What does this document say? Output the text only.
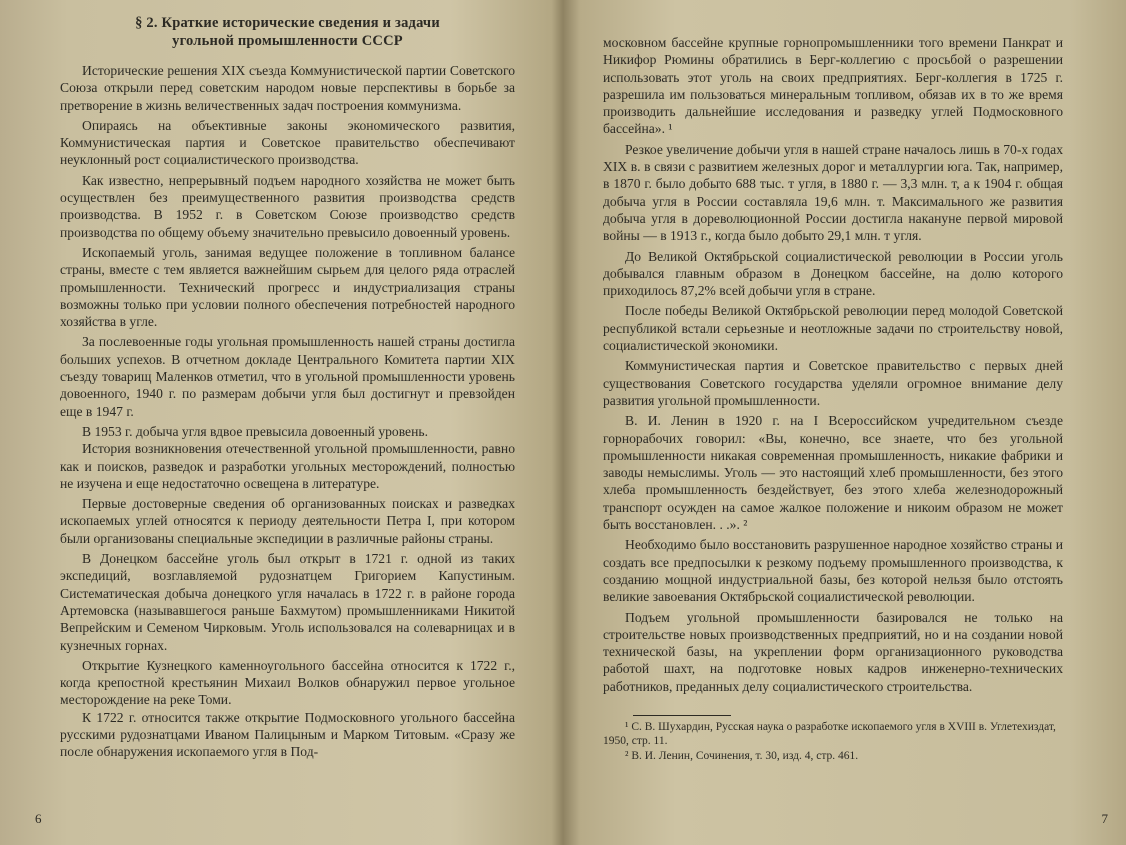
§ 2. Краткие исторические сведения и задачи
угольной промышленности СССР

Исторические решения XIX съезда Коммунистической партии Советского Союза открыли перед советским народом новые перспективы в борьбе за претворение в жизнь величественных задач построения коммунизма.

Опираясь на объективные законы экономического развития, Коммунистическая партия и Советское правительство обеспечивают неуклонный рост социалистического производства.

Как известно, непрерывный подъем народного хозяйства не может быть осуществлен без преимущественного развития производства средств производства. В 1952 г. в Советском Союзе производство средств производства по общему объему значительно превысило довоенный уровень.

Ископаемый уголь, занимая ведущее положение в топливном балансе страны, вместе с тем является важнейшим сырьем для целого ряда отраслей промышленности. Технический прогресс и индустриализация страны возможны только при условии полного обеспечения потребностей народного хозяйства в угле.

За послевоенные годы угольная промышленность нашей страны достигла больших успехов. В отчетном докладе Центрального Комитета партии XIX съезду товарищ Маленков отметил, что в угольной промышленности уровень довоенного, 1940 г. по размерам добычи угля был достигнут и превзойден еще в 1947 г.

В 1953 г. добыча угля вдвое превысила довоенный уровень.

История возникновения отечественной угольной промышленности, равно как и поисков, разведок и разработки угольных месторождений, полностью не изучена и еще недостаточно освещена в литературе.

Первые достоверные сведения об организованных поисках и разведках ископаемых углей относятся к периоду деятельности Петра I, при котором были организованы специальные экспедиции в различные районы страны.

В Донецком бассейне уголь был открыт в 1721 г. одной из таких экспедиций, возглавляемой рудознатцем Григорием Капустиным. Систематическая добыча донецкого угля началась в 1722 г. в районе города Артемовска (называвшегося раньше Бахмутом) промышленниками Никитой Вепрейским и Семеном Чирковым. Уголь использовался на солеварницах и в кузнечных горнах.

Открытие Кузнецкого каменноугольного бассейна относится к 1722 г., когда крепостной крестьянин Михаил Волков обнаружил первое угольное месторождение на реке Томи.

К 1722 г. относится также открытие Подмосковного угольного бассейна русскими рудознатцами Иваном Палицыным и Марком Титовым. «Сразу же после обнаружения ископаемого угля в Под-

6

московном бассейне крупные горнопромышленники того времени Панкрат и Никифор Рюмины обратились в Берг-коллегию с просьбой о разрешении использовать этот уголь на своих предприятиях. Берг-коллегия в 1725 г. разрешила им пользоваться минеральным топливом, обязав их в то же время производить дальнейшие исследования и разведку углей Подмосковного бассейна». ¹

Резкое увеличение добычи угля в нашей стране началось лишь в 70-х годах XIX в. в связи с развитием железных дорог и металлургии юга. Так, например, в 1870 г. было добыто 688 тыс. т угля, в 1880 г. — 3,3 млн. т, а к 1904 г. общая добыча угля в России составляла 19,6 млн. т. Максимального же развития добыча угля в дореволюционной России достигла накануне первой мировой войны — в 1913 г., когда было добыто 29,1 млн. т угля.

До Великой Октябрьской социалистической революции в России уголь добывался главным образом в Донецком бассейне, на долю которого приходилось 87,2% всей добычи угля в стране.

После победы Великой Октябрьской революции перед молодой Советской республикой встали серьезные и неотложные задачи по строительству новой, социалистической экономики.

Коммунистическая партия и Советское правительство с первых дней существования Советского государства уделяли огромное внимание делу развития угольной промышленности.

В. И. Ленин в 1920 г. на I Всероссийском учредительном съезде горнорабочих говорил: «Вы, конечно, все знаете, что без угольной промышленности никакая современная промышленность, никакие фабрики и заводы немыслимы. Уголь — это настоящий хлеб промышленности, без этого хлеба промышленность бездействует, без этого хлеба железнодорожный транспорт осужден на самое жалкое положение и никоим образом не может быть восстановлен. . .». ²

Необходимо было восстановить разрушенное народное хозяйство страны и создать все предпосылки к резкому подъему промышленного производства, к созданию мощной индустриальной базы, без которой нельзя было отстоять великие завоевания Октябрьской социалистической революции.

Подъем угольной промышленности базировался не только на строительстве новых производственных предприятий, но и на создании новой технической базы, на укреплении форм организационного руководства работой шахт, на подготовке новых кадров инженерно-технических работников, преданных делу социалистического строительства.

¹ С. В. Шухардин, Русская наука о разработке ископаемого угля в XVIII в. Углетехиздат, 1950, стр. 11.

² В. И. Ленин, Сочинения, т. 30, изд. 4, стр. 461.

7
